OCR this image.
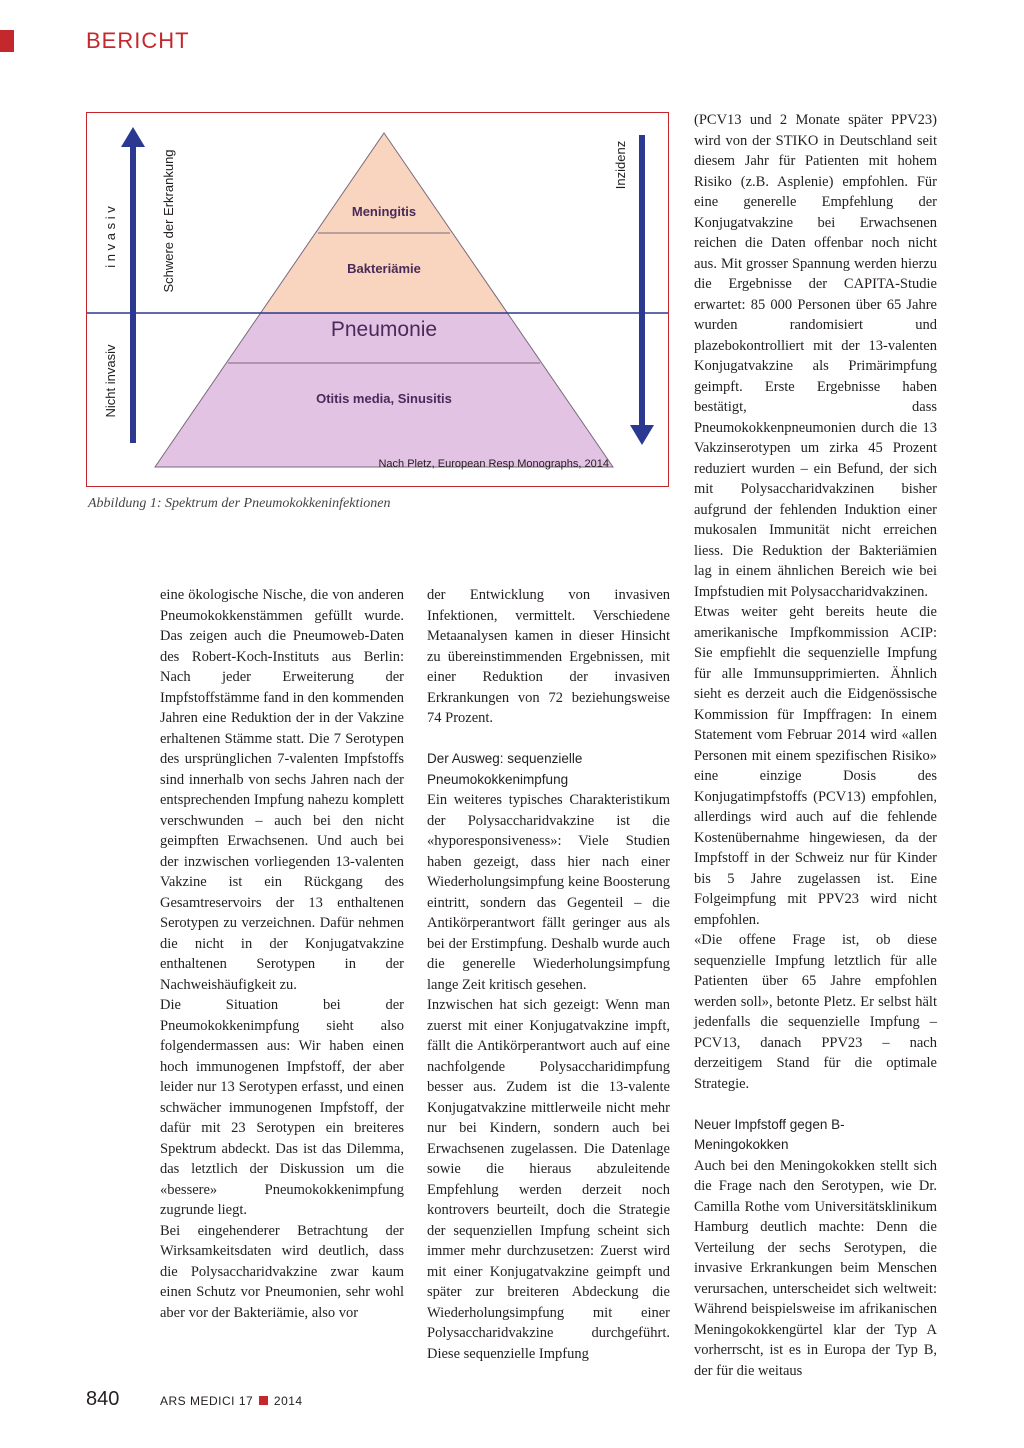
BERICHT
i n v a s i v
Nicht invasiv
Schwere der Erkrankung	Inzidenz
Meningitis
Bakteriämie
Pneumonie
Otitis media, Sinusitis
Nach Pletz, European Resp Monographs, 2014
Abbildung 1: Spektrum der Pneumokokkeninfektionen

eine ökologische Nische, die von anderen Pneumokokkenstämmen gefüllt wurde. Das zeigen auch die Pneumoweb-Daten des Robert-Koch-Instituts aus Berlin: Nach jeder Erweiterung der Impfstoffstämme fand in den kommenden Jahren eine Reduktion der in der Vakzine erhaltenen Stämme statt. Die 7 Serotypen des ursprünglichen 7-valenten Impfstoffs sind innerhalb von sechs Jahren nach der entsprechenden Impfung nahezu komplett verschwunden – auch bei den nicht geimpften Erwachsenen. Und auch bei der inzwischen vorliegenden 13-valenten Vakzine ist ein Rückgang des Gesamtreservoirs der 13 enthaltenen Serotypen zu verzeichnen. Dafür nehmen die nicht in der Konjugatvakzine enthaltenen Serotypen in der Nachweishäufigkeit zu.

Die Situation bei der Pneumokokkenimpfung sieht also folgendermassen aus: Wir haben einen hoch immunogenen Impfstoff, der aber leider nur 13 Serotypen erfasst, und einen schwächer immunogenen Impfstoff, der dafür mit 23 Serotypen ein breiteres Spektrum abdeckt. Das ist das Dilemma, das letztlich der Diskussion um die «bessere» Pneumokokkenimpfung zugrunde liegt.

Bei eingehenderer Betrachtung der Wirksamkeitsdaten wird deutlich, dass die Polysaccharidvakzine zwar kaum einen Schutz vor Pneumonien, sehr wohl aber vor der Bakteriämie, also vor

der Entwicklung von invasiven Infektionen, vermittelt. Verschiedene Metaanalysen kamen in dieser Hinsicht zu übereinstimmenden Ergebnissen, mit einer Reduktion der invasiven Erkrankungen von 72 beziehungsweise 74 Prozent.

Der Ausweg: sequenzielle Pneumokokkenimpfung

Ein weiteres typisches Charakteristikum der Polysaccharidvakzine ist die «hyporesponsiveness»: Viele Studien haben gezeigt, dass hier nach einer Wiederholungsimpfung keine Boosterung eintritt, sondern das Gegenteil – die Antikörperantwort fällt geringer aus als bei der Erstimpfung. Deshalb wurde auch die generelle Wiederholungsimpfung lange Zeit kritisch gesehen.

Inzwischen hat sich gezeigt: Wenn man zuerst mit einer Konjugatvakzine impft, fällt die Antikörperantwort auch auf eine nachfolgende Polysaccharidimpfung besser aus. Zudem ist die 13-valente Konjugatvakzine mittlerweile nicht mehr nur bei Kindern, sondern auch bei Erwachsenen zugelassen. Die Datenlage sowie die hieraus abzuleitende Empfehlung werden derzeit noch kontrovers beurteilt, doch die Strategie der sequenziellen Impfung scheint sich immer mehr durchzusetzen: Zuerst wird mit einer Konjugatvakzine geimpft und später zur breiteren Abdeckung die Wiederholungsimpfung mit einer Polysaccharidvakzine durchgeführt. Diese sequenzielle Impfung

(PCV13 und 2 Monate später PPV23) wird von der STIKO in Deutschland seit diesem Jahr für Patienten mit hohem Risiko (z.B. Asplenie) empfohlen. Für eine generelle Empfehlung der Konjugatvakzine bei Erwachsenen reichen die Daten offenbar noch nicht aus. Mit grosser Spannung werden hierzu die Ergebnisse der CAPITA-Studie erwartet: 85 000 Personen über 65 Jahre wurden randomisiert und plazebokontrolliert mit der 13-valenten Konjugatvakzine als Primärimpfung geimpft. Erste Ergebnisse haben bestätigt, dass Pneumokokkenpneumonien durch die 13 Vakzinserotypen um zirka 45 Prozent reduziert wurden – ein Befund, der sich mit Polysaccharidvakzinen bisher aufgrund der fehlenden Induktion einer mukosalen Immunität nicht erreichen liess. Die Reduktion der Bakteriämien lag in einem ähnlichen Bereich wie bei Impfstudien mit Polysaccharidvakzinen.

Etwas weiter geht bereits heute die amerikanische Impfkommission ACIP: Sie empfiehlt die sequenzielle Impfung für alle Immunsupprimierten. Ähnlich sieht es derzeit auch die Eidgenössische Kommission für Impffragen: In einem Statement vom Februar 2014 wird «allen Personen mit einem spezifischen Risiko» eine einzige Dosis des Konjugatimpfstoffs (PCV13) empfohlen, allerdings wird auch auf die fehlende Kostenübernahme hingewiesen, da der Impfstoff in der Schweiz nur für Kinder bis 5 Jahre zugelassen ist. Eine Folgeimpfung mit PPV23 wird nicht empfohlen.

«Die offene Frage ist, ob diese sequenzielle Impfung letztlich für alle Patienten über 65 Jahre empfohlen werden soll», betonte Pletz. Er selbst hält jedenfalls die sequenzielle Impfung – PCV13, danach PPV23 – nach derzeitigem Stand für die optimale Strategie.

Neuer Impfstoff gegen B-Meningokokken

Auch bei den Meningokokken stellt sich die Frage nach den Serotypen, wie Dr. Camilla Rothe vom Universitätsklinikum Hamburg deutlich machte: Denn die Verteilung der sechs Serotypen, die invasive Erkrankungen beim Menschen verursachen, unterscheidet sich weltweit: Während beispielsweise im afrikanischen Meningokokkengürtel klar der Typ A vorherrscht, ist es in Europa der Typ B, der für die weitaus

840	ARS MEDICI 17 2014
